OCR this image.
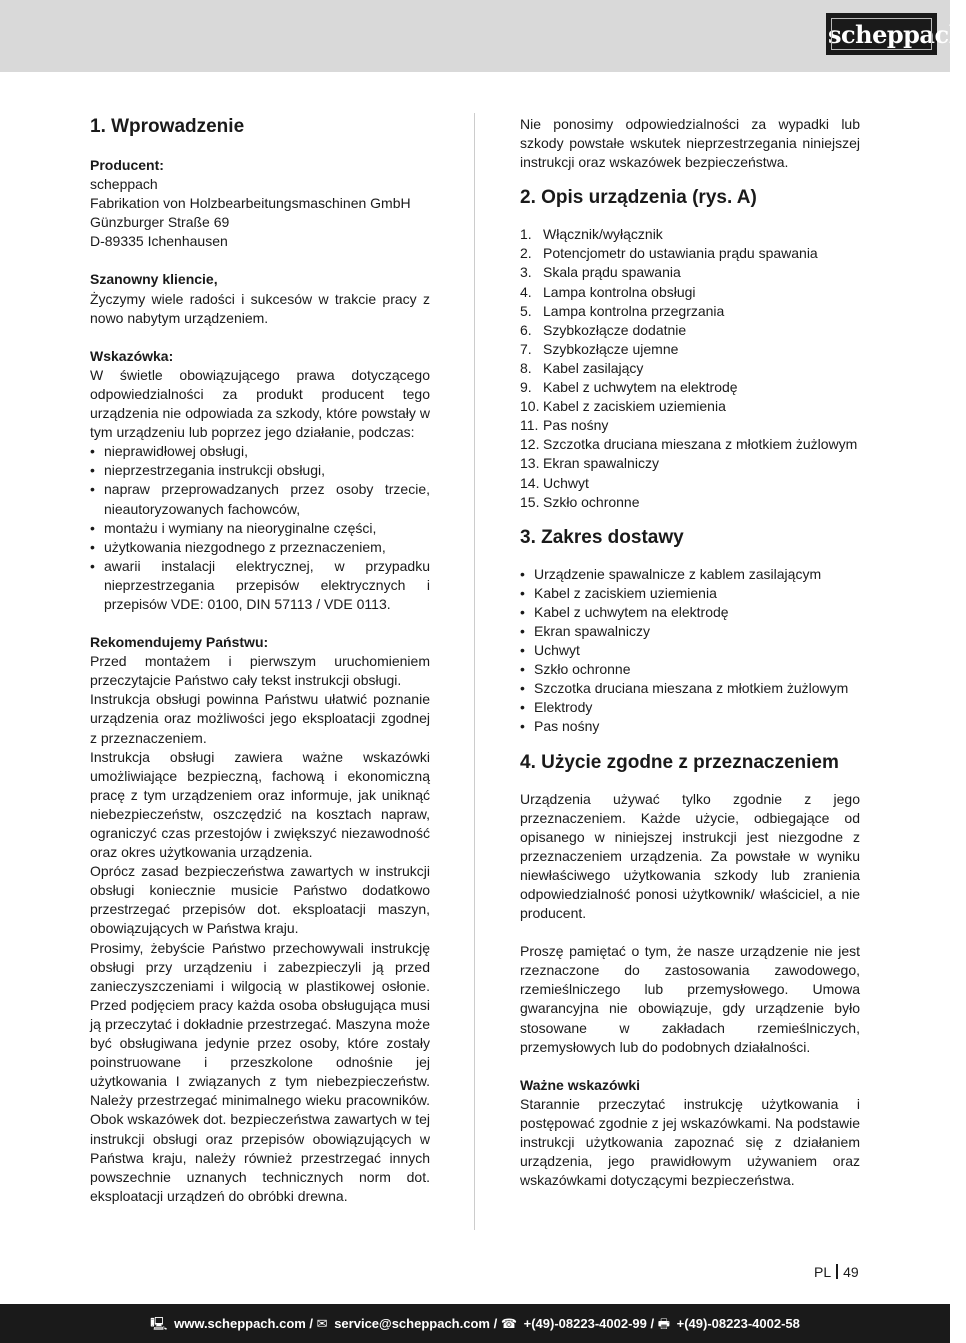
scheppach
1. Wprowadzenie
Producent:
scheppach
Fabrikation von Holzbearbeitungsmaschinen GmbH
Günzburger Straße 69
D-89335 Ichenhausen
Szanowny kliencie,

Życzymy wiele radości i sukcesów w trakcie pracy z nowo nabytym urządzeniem.

Wskazówka:

W świetle obowiązującego prawa dotyczącego odpowiedzialności za produkt producent tego urządzenia nie odpowiada za szkody, które powstały w tym urządzeniu lub poprzez jego działanie, podczas:

• nieprawidłowej obsługi,
• nieprzestrzegania instrukcji obsługi,
• napraw przeprowadzanych przez osoby trzecie, nieautoryzowanych fachowców,
• montażu i wymiany na nieoryginalne części,
• użytkowania niezgodnego z przeznaczeniem,
• awarii instalacji elektrycznej, w przypadku nieprzestrzegania przepisów elektrycznych i przepisów VDE: 0100, DIN 57113 / VDE 0113.
Rekomendujemy Państwu:

Przed montażem i pierwszym uruchomieniem przeczytajcie Państwo cały tekst instrukcji obsługi.

Instrukcja obsługi powinna Państwu ułatwić poznanie urządzenia oraz możliwości jego eksploatacji zgodnej z przeznaczeniem.

Instrukcja obsługi zawiera ważne wskazówki umożliwiające bezpieczną, fachową i ekonomiczną pracę z tym urządzeniem oraz informuje, jak uniknąć niebezpieczeństw, oszczędzić na kosztach napraw, ograniczyć czas przestojów i zwiększyć niezawodność oraz okres użytkowania urządzenia.

Oprócz zasad bezpieczeństwa zawartych w instrukcji obsługi koniecznie musicie Państwo dodatkowo przestrzegać przepisów dot. eksploatacji maszyn, obowiązujących w Państwa kraju.

Prosimy, żebyście Państwo przechowywali instrukcję obsługi przy urządzeniu i zabezpieczyli ją przed zanieczyszczeniami i wilgocią w plastikowej osłonie. Przed podjęciem pracy każda osoba obsługująca musi ją przeczytać i dokładnie przestrzegać. Maszyna może być obsługiwana jedynie przez osoby, które zostały poinstruowane i przeszkolone odnośnie jej użytkowania I związanych z tym niebezpieczeństw. Należy przestrzegać minimalnego wieku pracowników. Obok wskazówek dot. bezpieczeństwa zawartych w tej instrukcji obsługi oraz przepisów obowiązujących w Państwa kraju, należy również przestrzegać innych powszechnie uznanych technicznych norm dot. eksploatacji urządzeń do obróbki drewna.

Nie ponosimy odpowiedzialności za wypadki lub szkody powstałe wskutek nieprzestrzegania niniejszej instrukcji oraz wskazówek bezpieczeństwa.

2. Opis urządzenia (rys. A)
1. Włącznik/wyłącznik
2. Potencjometr do ustawiania prądu spawania
3. Skala prądu spawania
4. Lampa kontrolna obsługi
5. Lampa kontrolna przegrzania
6. Szybkozłącze dodatnie
7. Szybkozłącze ujemne
8. Kabel zasilający
9. Kabel z uchwytem na elektrodę
10. Kabel z zaciskiem uziemienia
11. Pas nośny
12. Szczotka druciana mieszana z młotkiem żużlowym
13. Ekran spawalniczy
14. Uchwyt
15. Szkło ochronne
3. Zakres dostawy
• Urządzenie spawalnicze z kablem zasilającym
• Kabel z zaciskiem uziemienia
• Kabel z uchwytem na elektrodę
• Ekran spawalniczy
• Uchwyt
• Szkło ochronne
• Szczotka druciana mieszana z młotkiem żużlowym
• Elektrody
• Pas nośny
4. Użycie zgodne z przeznaczeniem

Urządzenia używać tylko zgodnie z jego przeznaczeniem. Każde użycie, odbiegające od opisanego w niniejszej instrukcji jest niezgodne z przeznaczeniem urządzenia. Za powstałe w wyniku niewłaściwego użytkowania szkody lub zranienia odpowiedzialność ponosi użytkownik/ właściciel, a nie producent.

Proszę pamiętać o tym, że nasze urządzenie nie jest rzeznaczone do zastosowania zawodowego, rzemieślniczego lub przemysłowego. Umowa gwarancyjna nie obowiązuje, gdy urządzenie było stosowane w zakładach rzemieślniczych, przemysłowych lub do podobnych działalności.

Ważne wskazówki

Starannie przeczytać instrukcję użytkowania i postępować zgodnie z jej wskazówkami. Na podstawie instrukcji użytkowania zapoznać się z działaniem urządzenia, jego prawidłowym używaniem oraz wskazówkami dotyczącymi bezpieczeństwa.

PL 49
🖳 www.scheppach.com / ✉ service@scheppach.com / ☎ +(49)-08223-4002-99 / 🖶 +(49)-08223-4002-58
